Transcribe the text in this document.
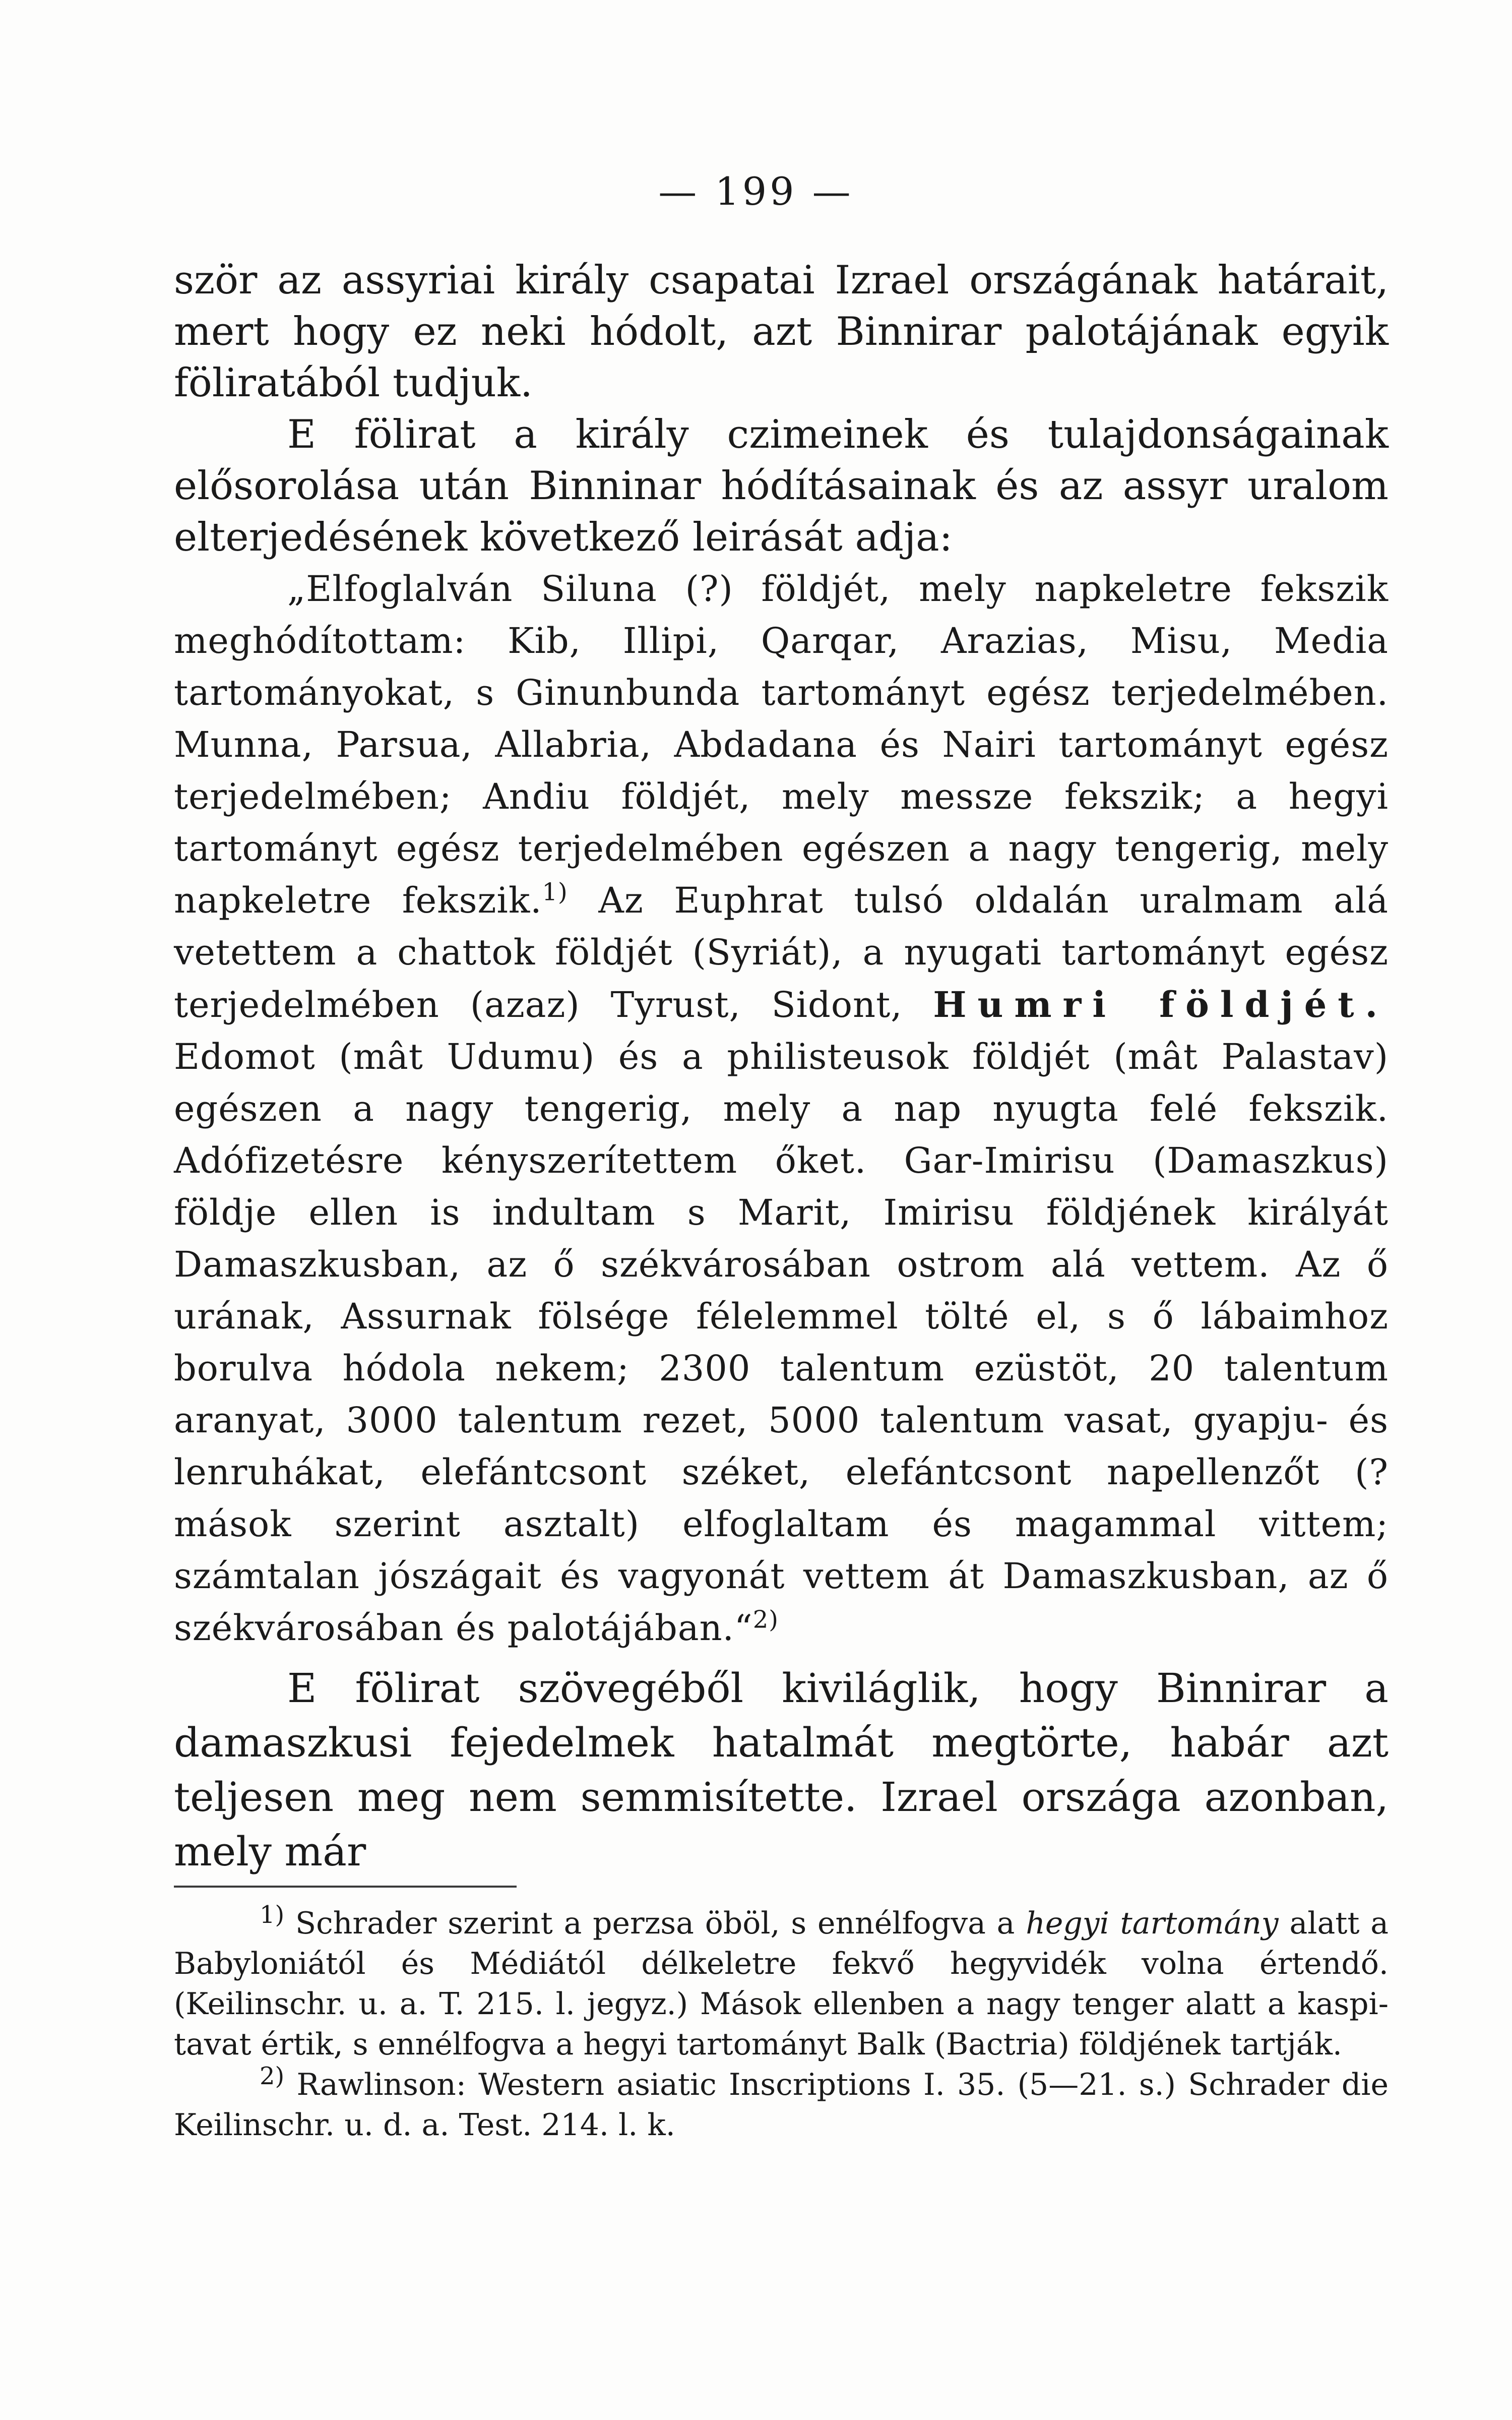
— 199 —

ször az assyriai király csapatai Izrael országának határait, mert hogy ez neki hódolt, azt Binnirar palotájának egyik föliratából tudjuk.

E fölirat a király czimeinek és tulajdonságainak elősorolása után Binninar hódításainak és az assyr uralom elterjedésének következő leirását adja:

„Elfoglalván Siluna (?) földjét, mely napkeletre fekszik meghódítottam: Kib, Illipi, Qarqar, Arazias, Misu, Media tartományokat, s Ginunbunda tartományt egész terjedelmében. Munna, Parsua, Allabria, Abdadana és Nairi tartományt egész terjedelmében; Andiu földjét, mely messze fekszik; a hegyi tartományt egész terjedelmében egészen a nagy tengerig, mely napkeletre fekszik.$^{1)}$ Az Euphrat tulsó oldalán uralmam alá vetettem a chattok földjét (Syriát), a nyugati tartományt egész terjedelmében (azaz) Tyrust, Sidont, Humri földjét. Edomot (mât Udumu) és a philisteusok földjét (mât Palastav) egészen a nagy tengerig, mely a nap nyugta felé fekszik. Adófizetésre kényszerítettem őket. Gar-Imirisu (Damaszkus) földje ellen is indultam s Marit, Imirisu földjének királyát Damaszkusban, az ő székvárosában ostrom alá vettem. Az ő urának, Assurnak fölsége félelemmel tölté el, s ő lábaimhoz borulva hódola nekem; 2300 talentum ezüstöt, 20 talentum aranyat, 3000 talentum rezet, 5000 talentum vasat, gyapju- és lenruhákat, elefántcsont széket, elefántcsont napellenzőt (? mások szerint asztalt) elfoglaltam és magammal vittem; számtalan jószágait és vagyonát vettem át Damaszkusban, az ő székvárosában és palotájában.“$^{2)}$

E fölirat szövegéből kiviláglik, hogy Binnirar a damaszkusi fejedelmek hatalmát megtörte, habár azt teljesen meg nem semmisítette. Izrael országa azonban, mely már

$^{1)}$ Schrader szerint a perzsa öböl, s ennélfogva a hegyi tartomány alatt a Babyloniától és Médiától délkeletre fekvő hegyvidék volna értendő. (Keilinschr. u. a. T. 215. l. jegyz.) Mások ellenben a nagy tenger alatt a kaspi-tavat értik, s ennélfogva a hegyi tartományt Balk (Bactria) földjének tartják.

$^{2)}$ Rawlinson: Western asiatic Inscriptions I. 35. (5—21. s.) Schrader die Keilinschr. u. d. a. Test. 214. l. k.
